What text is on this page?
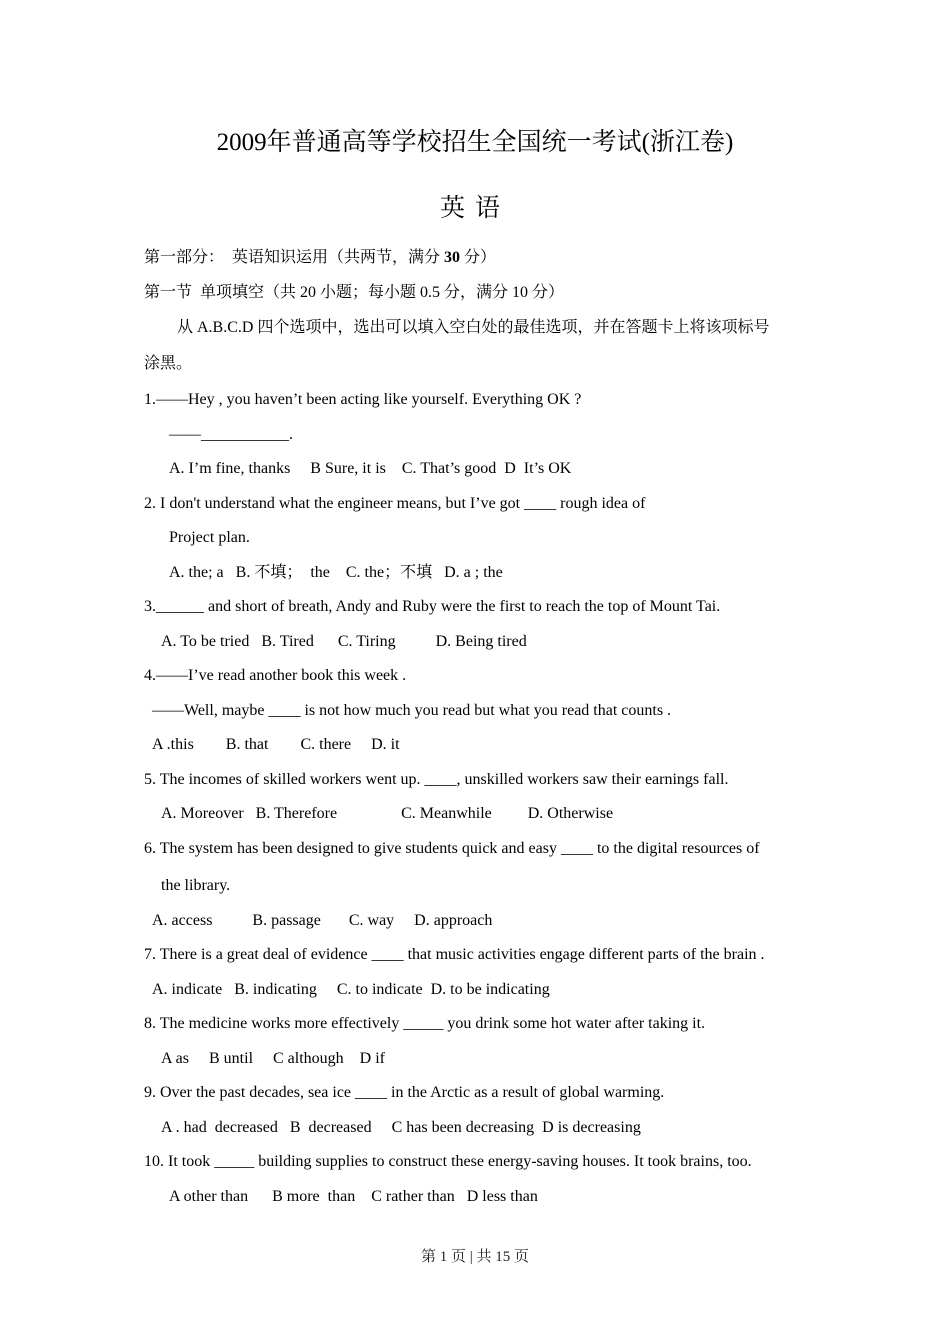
2009年普通高等学校招生全国统一考试(浙江卷)
英语
第一部分：  英语知识运用（共两节，满分 30 分）
第一节  单项填空（共 20 小题；每小题 0.5 分，满分 10 分）
从 A.B.C.D 四个选项中，选出可以填入空白处的最佳选项，并在答题卡上将该项标号
涂黑。
1.——Hey , you haven’t been acting like yourself. Everything OK ?
——___________.
A. I’m fine, thanks     B Sure, it is    C. That’s good  D  It’s OK
2. I don't understand what the engineer means, but I’ve got ____ rough idea of
Project plan.
A. the; a   B. 不填；  the    C. the；不填   D. a ; the
3.______ and short of breath, Andy and Ruby were the first to reach the top of Mount Tai.
A. To be tried   B. Tired      C. Tiring          D. Being tired
4.——I’ve read another book this week .
——Well, maybe ____ is not how much you read but what you read that counts .
A .this        B. that        C. there     D. it
5. The incomes of skilled workers went up. ____, unskilled workers saw their earnings fall.
A. Moreover   B. Therefore                C. Meanwhile         D. Otherwise
6. The system has been designed to give students quick and easy ____ to the digital resources of
the library.
A. access          B. passage       C. way     D. approach
7. There is a great deal of evidence ____ that music activities engage different parts of the brain .
A. indicate   B. indicating     C. to indicate  D. to be indicating
8. The medicine works more effectively _____ you drink some hot water after taking it.
A as     B until     C although    D if
9. Over the past decades, sea ice ____ in the Arctic as a result of global warming.
A . had  decreased   B  decreased     C has been decreasing  D is decreasing
10. It took _____ building supplies to construct these energy-saving houses. It took brains, too.
A other than      B more  than    C rather than   D less than
第 1 页 | 共 15 页
